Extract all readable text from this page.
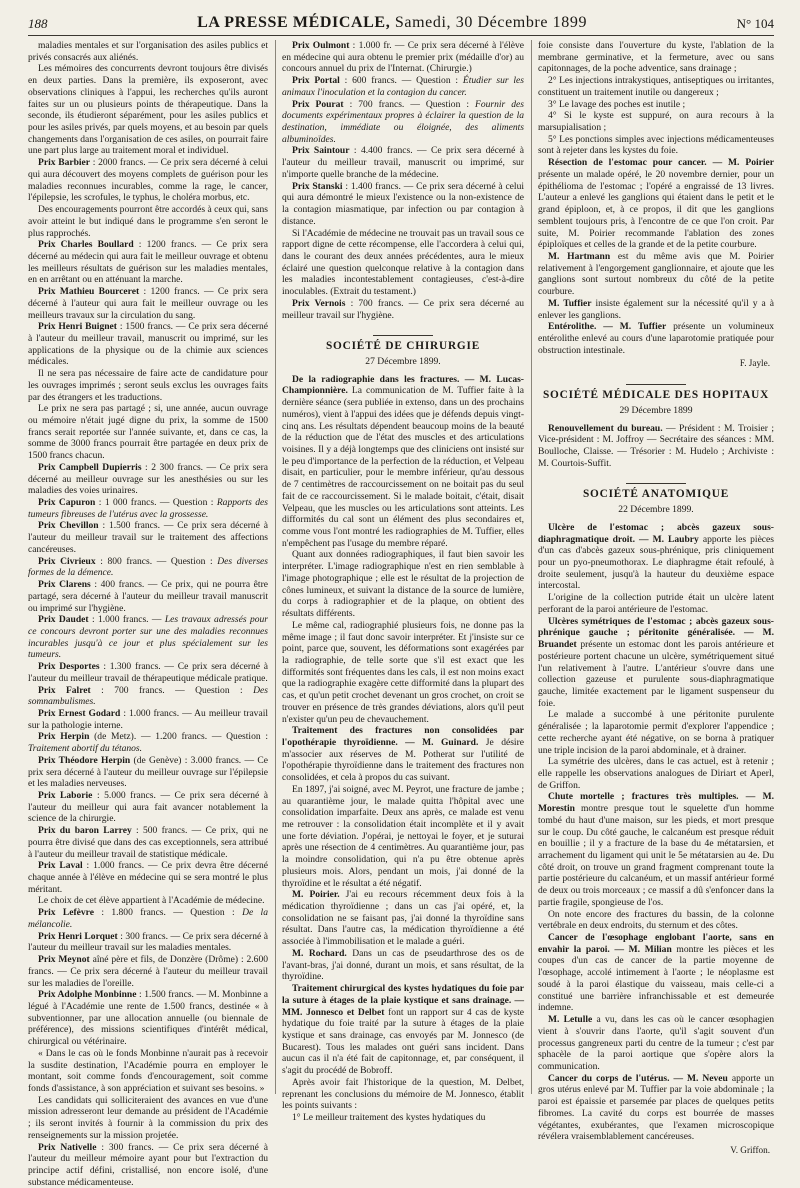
188	LA PRESSE MÉDICALE, Samedi, 30 Décembre 1899	N° 104

maladies mentales et sur l'organisation des asiles publics et privés consacrés aux aliénés.

Les mémoires des concurrents devront toujours être divisés en deux parties. Dans la première, ils exposeront, avec observations cliniques à l'appui, les recherches qu'ils auront faites sur un ou plusieurs points de thérapeutique. Dans la seconde, ils étudieront séparément, pour les asiles publics et pour les asiles privés, par quels moyens, et au besoin par quels changements dans l'organisation de ces asiles, on pourrait faire une part plus large au traitement moral et individuel.

Prix Barbier : 2000 francs. — Ce prix sera décerné à celui qui aura découvert des moyens complets de guérison pour les maladies reconnues incurables, comme la rage, le cancer, l'épilepsie, les scrofules, le typhus, le choléra morbus, etc.

Des encouragements pourront être accordés à ceux qui, sans avoir atteint le but indiqué dans le programme s'en seront le plus rapprochés.

Prix Charles Boullard : 1200 francs. — Ce prix sera décerné au médecin qui aura fait le meilleur ouvrage et obtenu les meilleurs résultats de guérison sur les maladies mentales, en en arrêtant ou en atténuant la marche.

Prix Mathieu Bourceret : 1200 francs. — Ce prix sera décerné à l'auteur qui aura fait le meilleur ouvrage ou les meilleurs travaux sur la circulation du sang.

Prix Henri Buignet : 1500 francs. — Ce prix sera décerné à l'auteur du meilleur travail, manuscrit ou imprimé, sur les applications de la physique ou de la chimie aux sciences médicales.

Il ne sera pas nécessaire de faire acte de candidature pour les ouvrages imprimés ; seront seuls exclus les ouvrages faits par des étrangers et les traductions.

Le prix ne sera pas partagé ; si, une année, aucun ouvrage ou mémoire n'était jugé digne du prix, la somme de 1500 francs serait reportée sur l'année suivante, et, dans ce cas, la somme de 3000 francs pourrait être partagée en deux prix de 1500 francs chacun.

Prix Campbell Dupierris : 2 300 francs. — Ce prix sera décerné au meilleur ouvrage sur les anesthésies ou sur les maladies des voies urinaires.

Prix Capuron : 1 000 francs. — Question : Rapports des tumeurs fibreuses de l'utérus avec la grossesse.

Prix Chevillon : 1.500 francs. — Ce prix sera décerné à l'auteur du meilleur travail sur le traitement des affections cancéreuses.

Prix Civrieux : 800 francs. — Question : Des diverses formes de la démence.

Prix Clarens : 400 francs. — Ce prix, qui ne pourra être partagé, sera décerné à l'auteur du meilleur travail manuscrit ou imprimé sur l'hygiène.

Prix Daudet : 1.000 francs. — Les travaux adressés pour ce concours devront porter sur une des maladies reconnues incurables jusqu'à ce jour et plus spécialement sur les tumeurs.

Prix Desportes : 1.300 francs. — Ce prix sera décerné à l'auteur du meilleur travail de thérapeutique médicale pratique.

Prix Falret : 700 francs. — Question : Des somnambulismes.

Prix Ernest Godard : 1.000 francs. — Au meilleur travail sur la pathologie interne.

Prix Herpin (de Metz). — 1.200 francs. — Question : Traitement abortif du tétanos.

Prix Théodore Herpin (de Genève) : 3.000 francs. — Ce prix sera décerné à l'auteur du meilleur ouvrage sur l'épilepsie et les maladies nerveuses.

Prix Laborie : 5.000 francs. — Ce prix sera décerné à l'auteur du meilleur qui aura fait avancer notablement la science de la chirurgie.

Prix du baron Larrey : 500 francs. — Ce prix, qui ne pourra être divisé que dans des cas exceptionnels, sera attribué à l'auteur du meilleur travail de statistique médicale.

Prix Laval : 1.000 francs. — Ce prix devra être décerné chaque année à l'élève en médecine qui se sera montré le plus méritant.

Le choix de cet élève appartient à l'Académie de médecine.

Prix Lefèvre : 1.800 francs. — Question : De la mélancolie.

Prix Henri Lorquet : 300 francs. — Ce prix sera décerné à l'auteur du meilleur travail sur les maladies mentales.

Prix Meynot aîné père et fils, de Donzère (Drôme) : 2.600 francs. — Ce prix sera décerné à l'auteur du meilleur travail sur les maladies de l'oreille.

Prix Adolphe Monbinne : 1.500 francs. — M. Monbinne a légué à l'Académie une rente de 1.500 francs, destinée « à subventionner, par une allocation annuelle (ou biennale de préférence), des missions scientifiques d'intérêt médical, chirurgical ou vétérinaire.

« Dans le cas où le fonds Monbinne n'aurait pas à recevoir la susdite destination, l'Académie pourra en employer le montant, soit comme fonds d'encouragement, soit comme fonds d'assistance, à son appréciation et suivant ses besoins. »

Les candidats qui solliciteraient des avances en vue d'une mission adresseront leur demande au président de l'Académie ; ils seront invités à fournir à la commission du prix des renseignements sur la mission projetée.

Prix Nativelle : 300 francs. — Ce prix sera décerné à l'auteur du meilleur mémoire ayant pour but l'extraction du principe actif défini, cristallisé, non encore isolé, d'une substance médicamenteuse.

Prix Oulmont : 1.000 fr. — Ce prix sera décerné à l'élève en médecine qui aura obtenu le premier prix (médaille d'or) au concours annuel du prix de l'Internat. (Chirurgie.)

Prix Portal : 600 francs. — Question : Étudier sur les animaux l'inoculation et la contagion du cancer.

Prix Pourat : 700 francs. — Question : Fournir des documents expérimentaux propres à éclairer la question de la destination, immédiate ou éloignée, des aliments albuminoïdes.

Prix Saintour : 4.400 francs. — Ce prix sera décerné à l'auteur du meilleur travail, manuscrit ou imprimé, sur n'importe quelle branche de la médecine.

Prix Stanski : 1.400 francs. — Ce prix sera décerné à celui qui aura démontré le mieux l'existence ou la non-existence de la contagion miasmatique, par infection ou par contagion à distance.

Si l'Académie de médecine ne trouvait pas un travail sous ce rapport digne de cette récompense, elle l'accordera à celui qui, dans le courant des deux années précédentes, aura le mieux éclairé une question quelconque relative à la contagion dans les maladies incontestablement contagieuses, c'est-à-dire inoculables. (Extrait du testament.)

Prix Vernois : 700 francs. — Ce prix sera décerné au meilleur travail sur l'hygiène.

SOCIÉTÉ DE CHIRURGIE
27 Décembre 1899.

De la radiographie dans les fractures. — M. Lucas-Championnière. La communication de M. Tuffier faite à la dernière séance (sera publiée in extenso, dans un des prochains numéros), vient à l'appui des idées que je défends depuis vingt-cinq ans. Les résultats dépendent beaucoup moins de la beauté de la réduction que de l'état des muscles et des articulations voisines. Il y a déjà longtemps que des cliniciens ont insisté sur le peu d'importance de la perfection de la réduction, et Velpeau disait, en particulier, pour le membre inférieur, qu'au dessous de 7 centimètres de raccourcissement on ne boitait pas du seul fait de ce raccourcissement. Si le malade boitait, c'était, disait Velpeau, que les muscles ou les articulations sont atteints. Les difformités du cal sont un élément des plus secondaires et, comme vous l'ont montré les radiographies de M. Tuffier, elles n'empêchent pas l'usage du membre réparé.

Quant aux données radiographiques, il faut bien savoir les interpréter. L'image radiographique n'est en rien semblable à l'image photographique ; elle est le résultat de la projection de cônes lumineux, et suivant la distance de la source de lumière, du corps à radiographier et de la plaque, on obtient des résultats différents.

Le même cal, radiographié plusieurs fois, ne donne pas la même image ; il faut donc savoir interpréter. Et j'insiste sur ce point, parce que, souvent, les déformations sont exagérées par la radiographie, de telle sorte que s'il est exact que les difformités sont fréquentes dans les cals, il est non moins exact que la radiographie exagère cette difformité dans la plupart des cas, et qu'un petit crochet devenant un gros crochet, on croit se trouver en présence de très grandes déviations, alors qu'il peut n'exister qu'un peu de chevauchement.

Traitement des fractures non consolidées par l'opothérapie thyroïdienne. — M. Guinard. Je désire m'associer aux réserves de M. Potherat sur l'utilité de l'opothérapie thyroïdienne dans le traitement des fractures non consolidées, et cela à propos du cas suivant.

En 1897, j'ai soigné, avec M. Peyrot, une fracture de jambe ; au quarantième jour, le malade quitta l'hôpital avec une consolidation imparfaite. Deux ans après, ce malade est venu me retrouver : la consolidation était incomplète et il y avait une forte déviation. J'opérai, je nettoyai le foyer, et je suturai après une résection de 4 centimètres. Au quarantième jour, pas la moindre consolidation, qui n'a pu être obtenue après plusieurs mois. Alors, pendant un mois, j'ai donné de la thyroïdine et le résultat a été négatif.

M. Poirier. J'ai eu recours récemment deux fois à la médication thyroïdienne ; dans un cas j'ai opéré, et, la consolidation ne se faisant pas, j'ai donné la thyroïdine sans résultat. Dans l'autre cas, la médication thyroïdienne a été associée à l'immobilisation et le malade a guéri.

M. Rochard. Dans un cas de pseudarthrose des os de l'avant-bras, j'ai donné, durant un mois, et sans résultat, de la thyroïdine.

Traitement chirurgical des kystes hydatiques du foie par la suture à étages de la plaie kystique et sans drainage. — MM. Jonnesco et Delbet font un rapport sur 4 cas de kyste hydatique du foie traité par la suture à étages de la plaie kystique et sans drainage, cas envoyés par M. Jonnesco (de Bucarest). Tous les malades ont guéri sans incident. Dans aucun cas il n'a été fait de capitonnage, et, par conséquent, il s'agit du procédé de Bobroff.

Après avoir fait l'historique de la question, M. Delbet, reprenant les conclusions du mémoire de M. Jonnesco, établit les points suivants :

1° Le meilleur traitement des kystes hydatiques du

foie consiste dans l'ouverture du kyste, l'ablation de la membrane germinative, et la fermeture, avec ou sans capitonnages, de la poche adventice, sans drainage ;

2° Les injections intrakystiques, antiseptiques ou irritantes, constituent un traitement inutile ou dangereux ;

3° Le lavage des poches est inutile ;

4° Si le kyste est suppuré, on aura recours à la marsupialisation ;

5° Les ponctions simples avec injections médicamenteuses sont à rejeter dans les kystes du foie.

Résection de l'estomac pour cancer. — M. Poirier présente un malade opéré, le 20 novembre dernier, pour un épithélioma de l'estomac ; l'opéré a engraissé de 13 livres. L'auteur a enlevé les ganglions qui étaient dans le petit et le grand épiploon, et, à ce propos, il dit que les ganglions semblent toujours pris, à l'encontre de ce que l'on croit. Par suite, M. Poirier recommande l'ablation des zones épiploïques et celles de la grande et de la petite courbure.

M. Hartmann est du même avis que M. Poirier relativement à l'engorgement ganglionnaire, et ajoute que les ganglions sont surtout nombreux du côté de la petite courbure.

M. Tuffier insiste également sur la nécessité qu'il y a à enlever les ganglions.

Entérolithe. — M. Tuffier présente un volumineux entérolithe enlevé au cours d'une laparotomie pratiquée pour obstruction intestinale.

F. Jayle.
SOCIÉTÉ MÉDICALE DES HOPITAUX
29 Décembre 1899

Renouvellement du bureau. — Président : M. Troisier ; Vice-président : M. Joffroy — Secrétaire des séances : MM. Boulloche, Claisse. — Trésorier : M. Hudelo ; Archiviste : M. Courtois-Suffit.

SOCIÉTÉ ANATOMIQUE
22 Décembre 1899.

Ulcère de l'estomac ; abcès gazeux sous-diaphragmatique droit. — M. Laubry apporte les pièces d'un cas d'abcès gazeux sous-phrénique, pris cliniquement pour un pyo-pneumothorax. Le diaphragme était refoulé, à droite seulement, jusqu'à la hauteur du deuxième espace intercostal.

L'origine de la collection putride était un ulcère latent perforant de la paroi antérieure de l'estomac.

Ulcères symétriques de l'estomac ; abcès gazeux sous-phrénique gauche ; péritonite généralisée. — M. Bruandet présente un estomac dont les parois antérieure et postérieure portent chacune un ulcère, symétriquement situé l'un relativement à l'autre. L'antérieur s'ouvre dans une collection gazeuse et purulente sous-diaphragmatique gauche, limitée exactement par le ligament suspenseur du foie.

Le malade a succombé à une péritonite purulente généralisée ; la laparotomie permit d'explorer l'appendice ; cette recherche ayant été négative, on se borna à pratiquer une triple incision de la paroi abdominale, et à drainer.

La symétrie des ulcères, dans le cas actuel, est à retenir ; elle rappelle les observations analogues de Diriart et Aperl, de Griffon.

Chute mortelle ; fractures très multiples. — M. Morestin montre presque tout le squelette d'un homme tombé du haut d'une maison, sur les pieds, et mort presque sur le coup. Du côté gauche, le calcanéum est presque réduit en bouillie ; il y a fracture de la base du 4e métatarsien, et arrachement du ligament qui unit le 5e métatarsien au 4e. Du côté droit, on trouve un grand fragment comprenant toute la partie postérieure du calcanéum, et un massif antérieur formé de deux ou trois morceaux ; ce massif a dû s'enfoncer dans la partie fragile, spongieuse de l'os.

On note encore des fractures du bassin, de la colonne vertébrale en deux endroits, du sternum et des côtes.

Cancer de l'œsophage englobant l'aorte, sans en envahir la paroi. — M. Milian montre les pièces et les coupes d'un cas de cancer de la partie moyenne de l'œsophage, accolé intimement à l'aorte ; le néoplasme est soudé à la paroi élastique du vaisseau, mais celle-ci a constitué une barrière infranchissable et est demeurée indemne.

M. Letulle a vu, dans les cas où le cancer œsophagien vient à s'ouvrir dans l'aorte, qu'il s'agit souvent d'un processus gangreneux parti du centre de la tumeur ; c'est par sphacèle de la paroi aortique que s'opère alors la communication.

Cancer du corps de l'utérus. — M. Neveu apporte un gros utérus enlevé par M. Tuffier par la voie abdominale ; la paroi est épaissie et parsemée par places de quelques petits fibromes. La cavité du corps est bourrée de masses végétantes, exubérantes, que l'examen microscopique révélera vraisemblablement cancéreuses.

V. Griffon.
